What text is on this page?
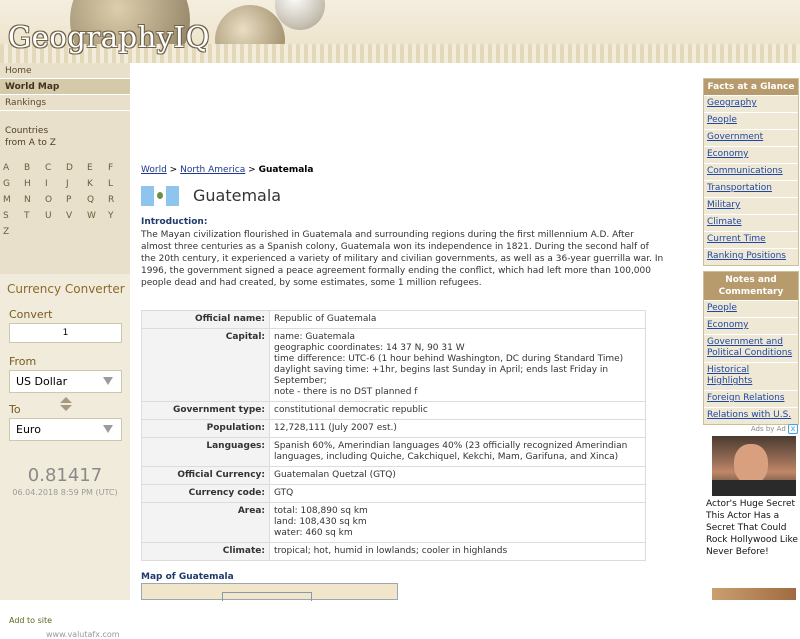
GeographyIQ
Home
World Map
Rankings
Countries
from A to Z
A	B	C	D	E	F
G	H	I	J	K	L
M	N	O	P	Q	R
S	T	U	V	W	Y
Z
Currency Converter
Convert
1
From
US Dollar
To
Euro
0.81417
06.04.2018 8:59 PM (UTC)
Add to site
www.valutafx.com
World > North America > Guatemala
Guatemala
Introduction:
The Mayan civilization flourished in Guatemala and surrounding regions during the first millennium A.D. After almost three centuries as a Spanish colony, Guatemala won its independence in 1821. During the second half of the 20th century, it experienced a variety of military and civilian governments, as well as a 36-year guerrilla war. In 1996, the government signed a peace agreement formally ending the conflict, which had left more than 100,000 people dead and had created, by some estimates, some 1 million refugees.
Official name:	Republic of Guatemala

Capital:	name: Guatemala
geographic coordinates: 14 37 N, 90 31 W
time difference: UTC-6 (1 hour behind Washington, DC during Standard Time)
daylight saving time: +1hr, begins last Sunday in April; ends last Friday in September;
note - there is no DST planned f

Government type:	constitutional democratic republic

Population:	12,728,111 (July 2007 est.)

Languages:	Spanish 60%, Amerindian languages 40% (23 officially recognized Amerindian
languages, including Quiche, Cakchiquel, Kekchi, Mam, Garifuna, and Xinca)

Official Currency:	Guatemalan Quetzal (GTQ)

Currency code:	GTQ

Area:	total: 108,890 sq km
land: 108,430 sq km
water: 460 sq km

Climate:	tropical; hot, humid in lowlands; cooler in highlands
Map of Guatemala
Facts at a Glance
Geography
People
Government
Economy
Communications
Transportation
Military
Climate
Current Time
Ranking Positions
Notes and
Commentary
People
Economy
Government and Political Conditions
Historical Highlights
Foreign Relations
Relations with U.S.
Ads by Ad x
Actor's Huge Secret
This Actor Has a Secret That Could Rock Hollywood Like Never Before!
